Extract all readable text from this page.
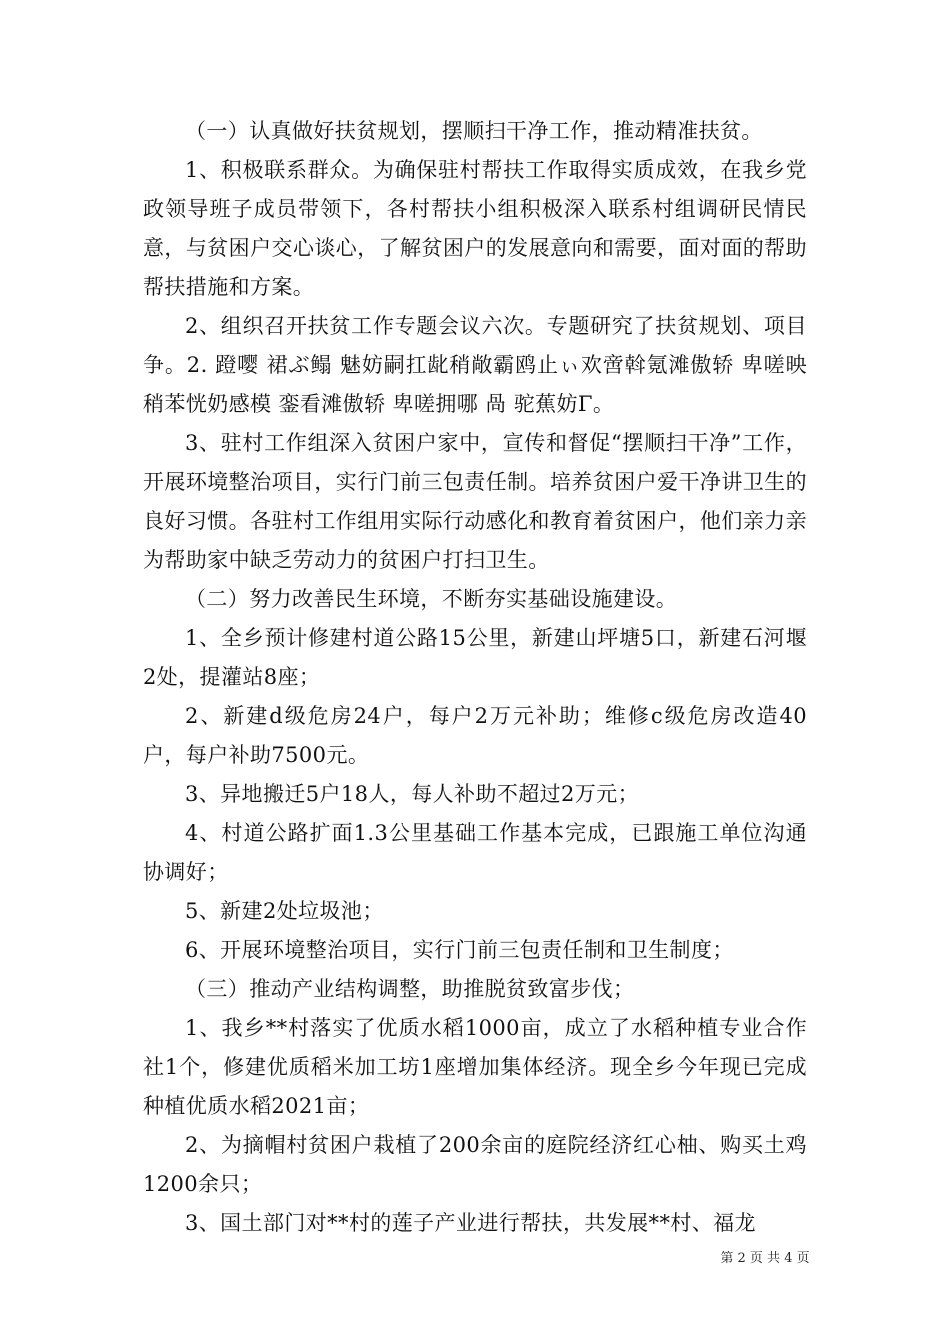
（一）认真做好扶贫规划，摆顺扫干净工作，推动精准扶贫。

1、积极联系群众。为确保驻村帮扶工作取得实质成效，在我乡党政领导班子成员带领下，各村帮扶小组积极深入联系村组调研民情民意，与贫困户交心谈心，了解贫困户的发展意向和需要，面对面的帮助帮扶措施和方案。

2、组织召开扶贫工作专题会议六次。专题研究了扶贫规划、项目争。2. 蹬嘤 裙ぶ鳎 魅妨嗣扛龀稍敞霸鸥止ぃ欢啻斡氪滩傲轿 卑嗟映稍苯恍奶感模 銮看滩傲轿 卑嗟拥哪 咼 驼蕉妨Γ。

3、驻村工作组深入贫困户家中，宣传和督促“摆顺扫干净”工作，开展环境整治项目，实行门前三包责任制。培养贫困户爱干净讲卫生的良好习惯。各驻村工作组用实际行动感化和教育着贫困户，他们亲力亲为帮助家中缺乏劳动力的贫困户打扫卫生。

（二）努力改善民生环境，不断夯实基础设施建设。

1、全乡预计修建村道公路15公里，新建山坪塘5口，新建石河堰2处，提灌站8座；

2、新建d级危房24户，每户2万元补助；维修c级危房改造40户，每户补助7500元。

3、异地搬迁5户18人，每人补助不超过2万元；

4、村道公路扩面1.3公里基础工作基本完成，已跟施工单位沟通协调好；

5、新建2处垃圾池；

6、开展环境整治项目，实行门前三包责任制和卫生制度；

（三）推动产业结构调整，助推脱贫致富步伐；

1、我乡**村落实了优质水稻1000亩，成立了水稻种植专业合作社1个，修建优质稻米加工坊1座增加集体经济。现全乡今年现已完成种植优质水稻2021亩；

2、为摘帽村贫困户栽植了200余亩的庭院经济红心柚、购买土鸡1200余只；

3、国土部门对**村的莲子产业进行帮扶，共发展**村、福龙

第 2 页 共 4 页
